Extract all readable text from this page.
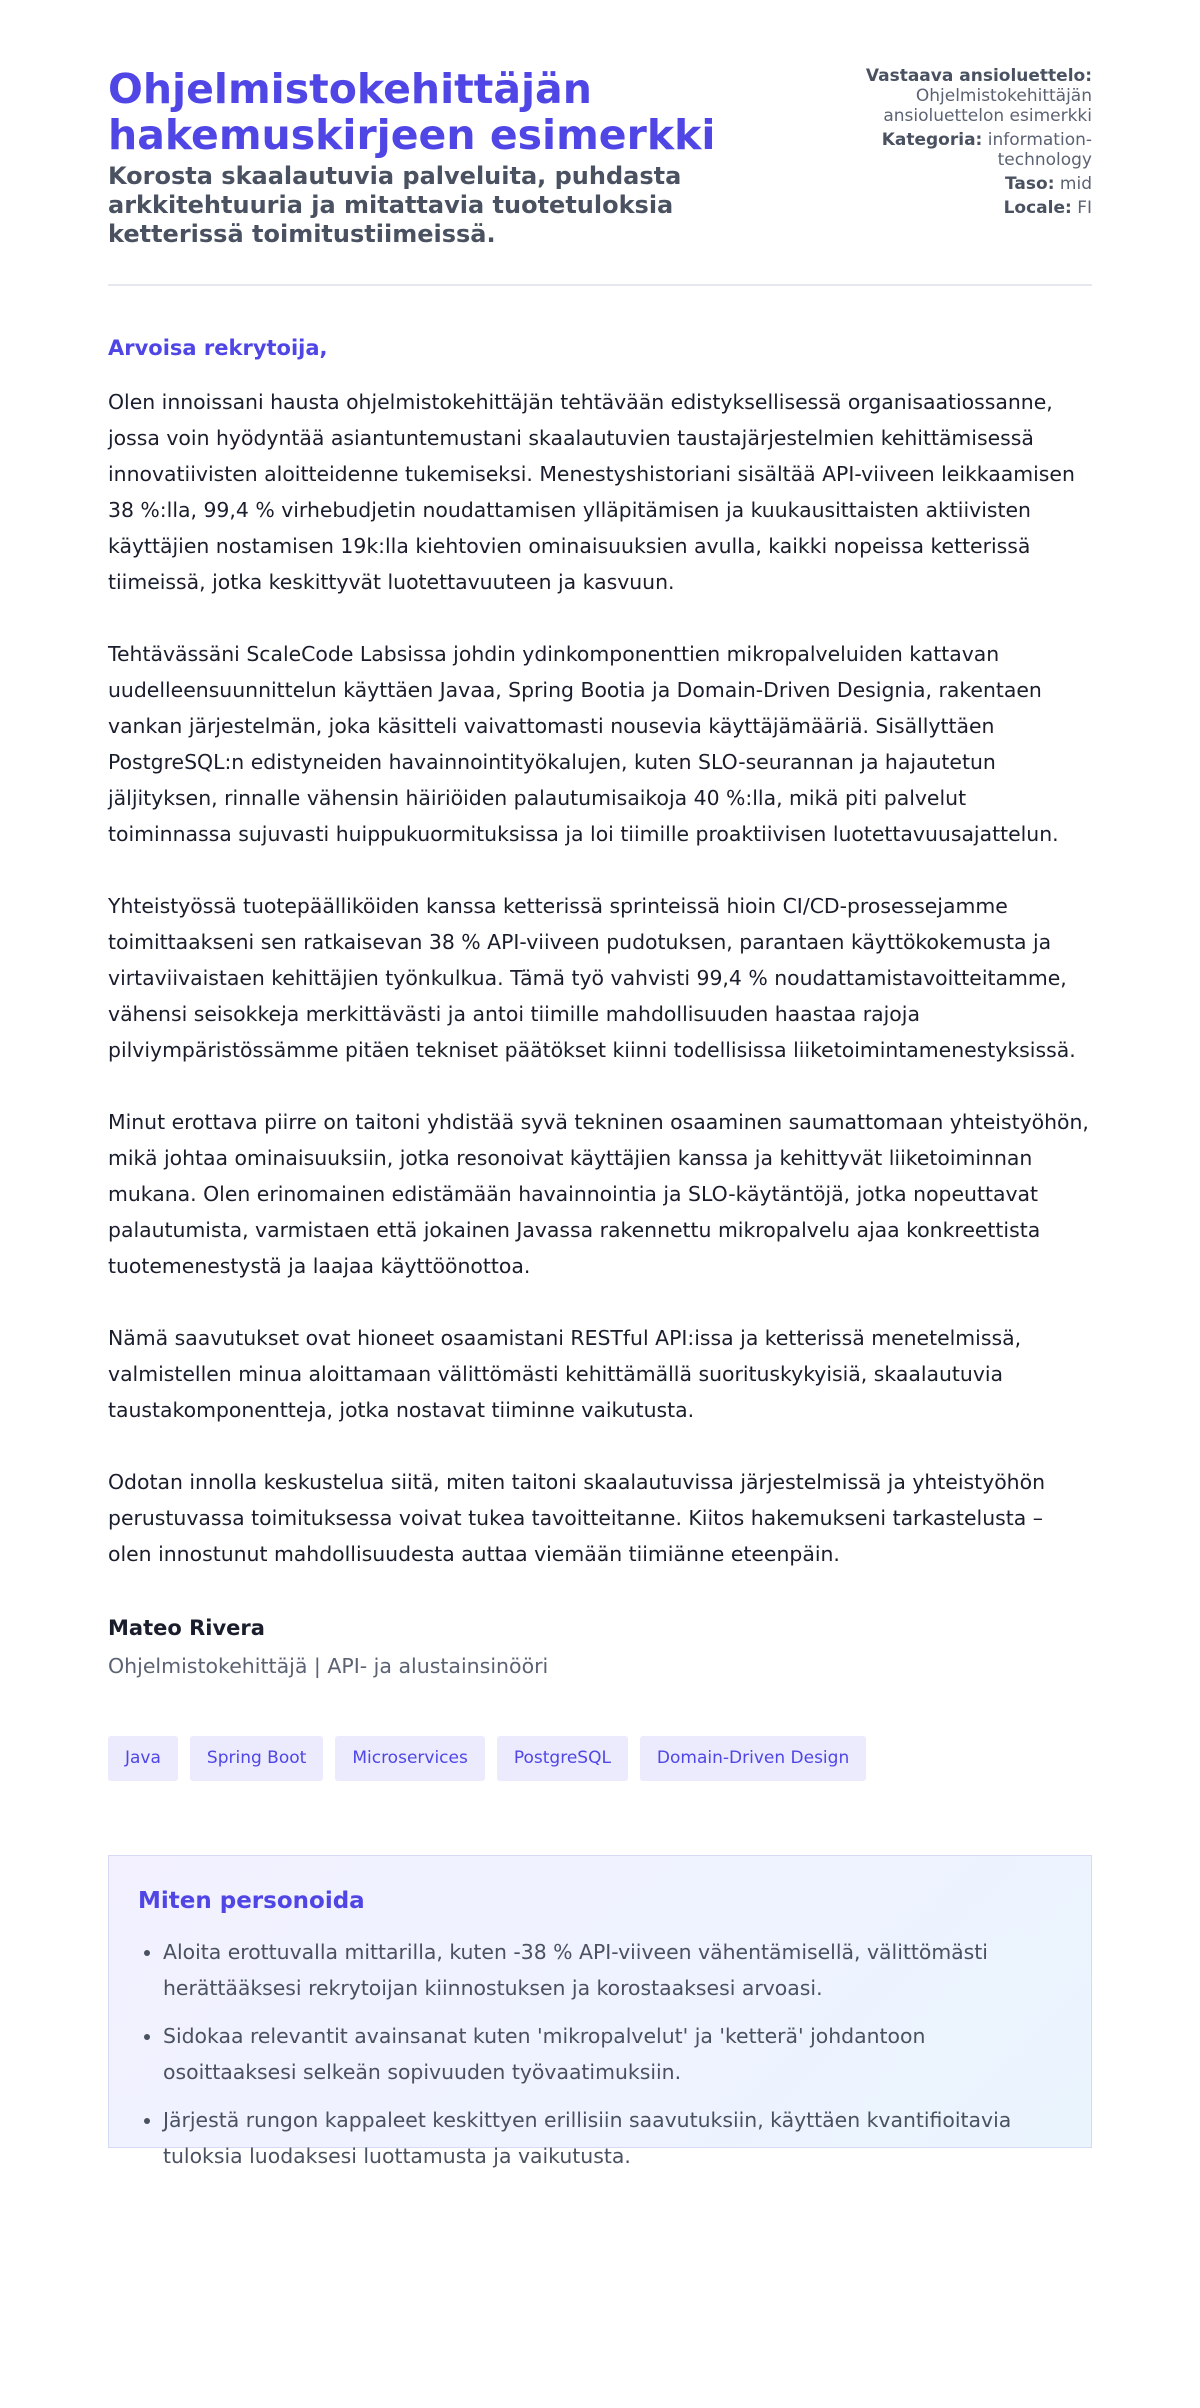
Ohjelmistokehittäjän hakemuskirjeen esimerkki
Korosta skaalautuvia palveluita, puhdasta arkkitehtuuria ja mitattavia tuotetuloksia ketterissä toimitustiimeissä.
Vastaava ansioluettelo: Ohjelmistokehittäjän ansioluettelon esimerkki
Kategoria: information-technology
Taso: mid
Locale: FI

Arvoisa rekrytoija,

Olen innoissani hausta ohjelmistokehittäjän tehtävään edistyksellisessä organisaatiossanne, jossa voin hyödyntää asiantuntemustani skaalautuvien taustajärjestelmien kehittämisessä innovatiivisten aloitteidenne tukemiseksi. Menestyshistoriani sisältää API-viiveen leikkaamisen 38 %:lla, 99,4 % virhebudjetin noudattamisen ylläpitämisen ja kuukausittaisten aktiivisten käyttäjien nostamisen 19k:lla kiehtovien ominaisuuksien avulla, kaikki nopeissa ketterissä tiimeissä, jotka keskittyvät luotettavuuteen ja kasvuun.

Tehtävässäni ScaleCode Labsissa johdin ydinkomponenttien mikropalveluiden kattavan uudelleensuunnittelun käyttäen Javaa, Spring Bootia ja Domain-Driven Designia, rakentaen vankan järjestelmän, joka käsitteli vaivattomasti nousevia käyttäjämääriä. Sisällyttäen PostgreSQL:n edistyneiden havainnointityökalujen, kuten SLO-seurannan ja hajautetun jäljityksen, rinnalle vähensin häiriöiden palautumisaikoja 40 %:lla, mikä piti palvelut toiminnassa sujuvasti huippukuormituksissa ja loi tiimille proaktiivisen luotettavuusajattelun.

Yhteistyössä tuotepäälliköiden kanssa ketterissä sprinteissä hioin CI/CD-prosessejamme toimittaakseni sen ratkaisevan 38 % API-viiveen pudotuksen, parantaen käyttökokemusta ja virtaviivaistaen kehittäjien työnkulkua. Tämä työ vahvisti 99,4 % noudattamistavoitteitamme, vähensi seisokkeja merkittävästi ja antoi tiimille mahdollisuuden haastaa rajoja pilviympäristössämme pitäen tekniset päätökset kiinni todellisissa liiketoimintamenestyksissä.

Minut erottava piirre on taitoni yhdistää syvä tekninen osaaminen saumattomaan yhteistyöhön, mikä johtaa ominaisuuksiin, jotka resonoivat käyttäjien kanssa ja kehittyvät liiketoiminnan mukana. Olen erinomainen edistämään havainnointia ja SLO-käytäntöjä, jotka nopeuttavat palautumista, varmistaen että jokainen Javassa rakennettu mikropalvelu ajaa konkreettista tuotemenestystä ja laajaa käyttöönottoa.

Nämä saavutukset ovat hioneet osaamistani RESTful API:issa ja ketterissä menetelmissä, valmistellen minua aloittamaan välittömästi kehittämällä suorituskykyisiä, skaalautuvia taustakomponentteja, jotka nostavat tiiminne vaikutusta.

Odotan innolla keskustelua siitä, miten taitoni skaalautuvissa järjestelmissä ja yhteistyöhön perustuvassa toimituksessa voivat tukea tavoitteitanne. Kiitos hakemukseni tarkastelusta – olen innostunut mahdollisuudesta auttaa viemään tiimiänne eteenpäin.

Mateo Rivera
Ohjelmistokehittäjä | API- ja alustainsinööri
Java	Spring Boot	Microservices	PostgreSQL	Domain-Driven Design
Miten personoida
• Aloita erottuvalla mittarilla, kuten -38 % API-viiveen vähentämisellä, välittömästi herättääksesi rekrytoijan kiinnostuksen ja korostaaksesi arvoasi.
• Sidokaa relevantit avainsanat kuten 'mikropalvelut' ja 'ketterä' johdantoon osoittaaksesi selkeän sopivuuden työvaatimuksiin.
• Järjestä rungon kappaleet keskittyen erillisiin saavutuksiin, käyttäen kvantifioitavia tuloksia luodaksesi luottamusta ja vaikutusta.
